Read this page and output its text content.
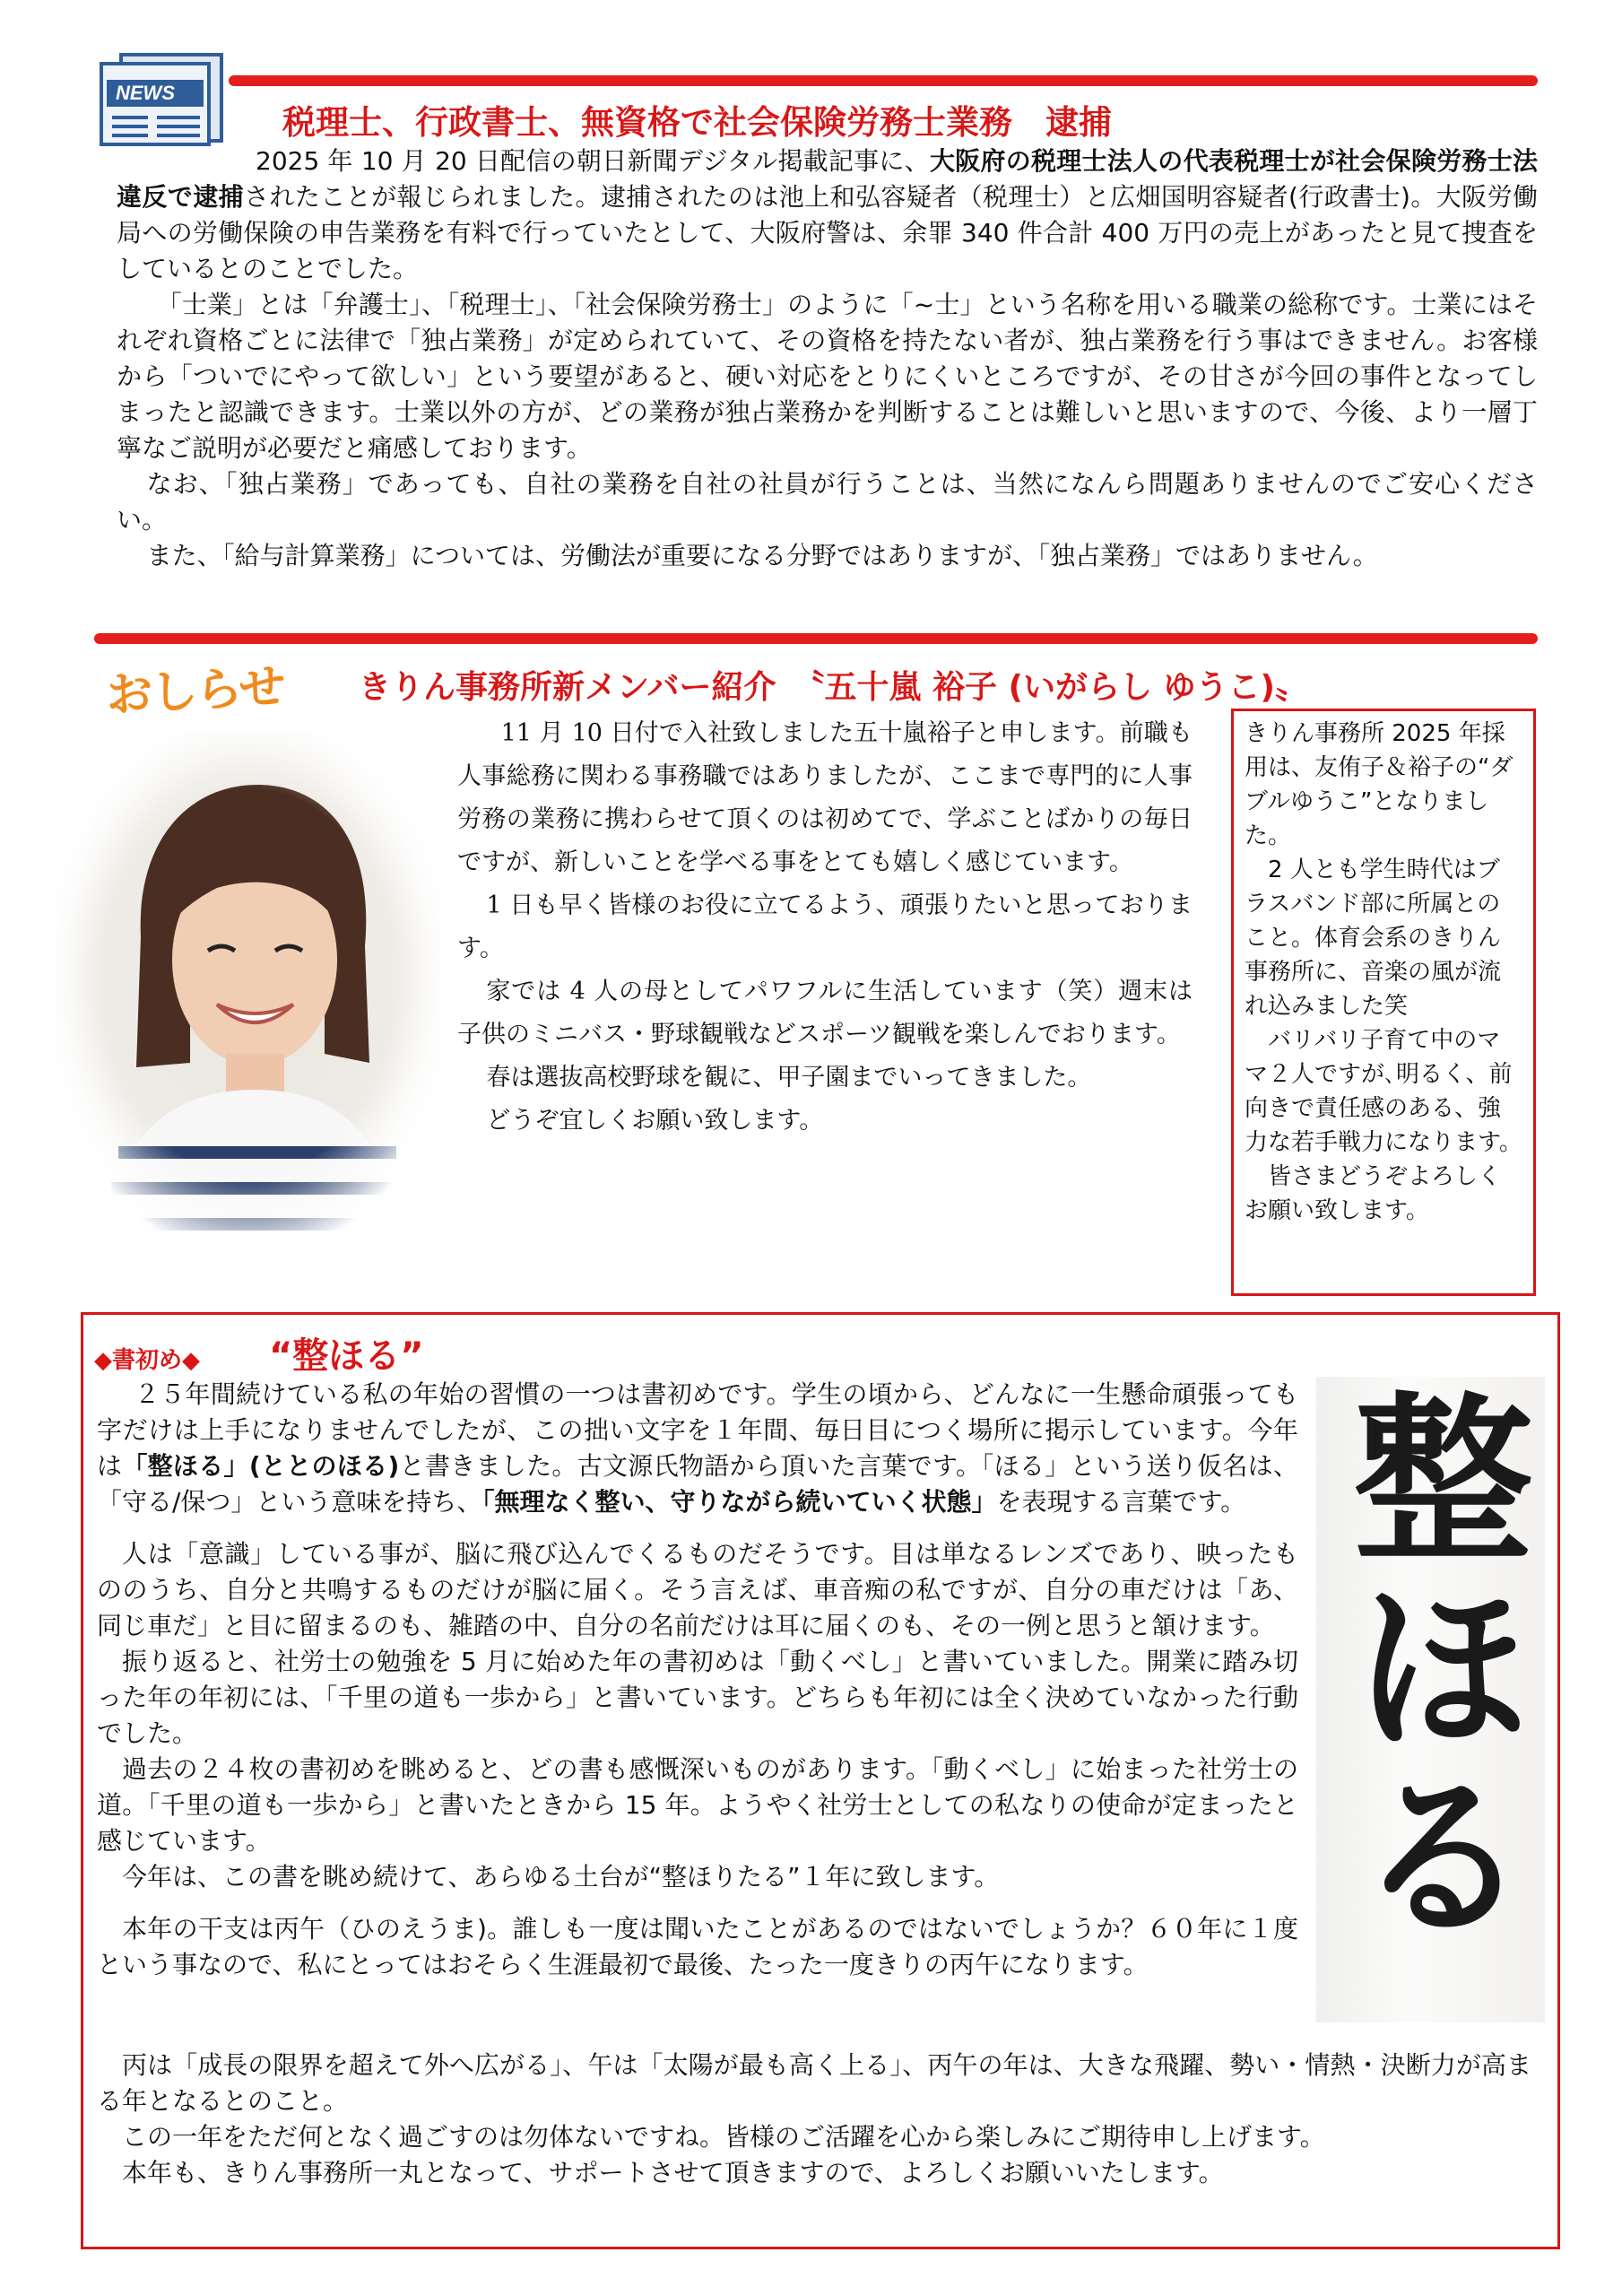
NEWS
税理士、行政書士、無資格で社会保険労務士業務　逮捕

2025 年 10 月 20 日配信の朝日新聞デジタル掲載記事に、大阪府の税理士法人の代表税理士が社会保険労務士法違反で逮捕されたことが報じられました。逮捕されたのは池上和弘容疑者（税理士）と広畑国明容疑者(行政書士)。大阪労働局への労働保険の申告業務を有料で行っていたとして、大阪府警は、余罪 340 件合計 400 万円の売上があったと見て捜査をしているとのことでした。

「士業」とは「弁護士」、「税理士」、「社会保険労務士」のように「~士」という名称を用いる職業の総称です。士業にはそれぞれ資格ごとに法律で「独占業務」が定められていて、その資格を持たない者が、独占業務を行う事はできません。お客様から「ついでにやって欲しい」という要望があると、硬い対応をとりにくいところですが、その甘さが今回の事件となってしまったと認識できます。士業以外の方が、どの業務が独占業務かを判断することは難しいと思いますので、今後、より一層丁寧なご説明が必要だと痛感しております。

なお、「独占業務」であっても、自社の業務を自社の社員が行うことは、当然になんら問題ありませんのでご安心ください。

また、「給与計算業務」については、労働法が重要になる分野ではありますが、「独占業務」ではありません。

おしらせ きりん事務所新メンバー紹介　〝五十嵐 裕子 (いがらし ゆうこ)〟

11 月 10 日付で入社致しました五十嵐裕子と申します。前職も人事総務に関わる事務職ではありましたが、ここまで専門的に人事労務の業務に携わらせて頂くのは初めてで、学ぶことばかりの毎日ですが、新しいことを学べる事をとても嬉しく感じています。

1 日も早く皆様のお役に立てるよう、頑張りたいと思っております。

家では 4 人の母としてパワフルに生活しています（笑）週末は子供のミニバス・野球観戦などスポーツ観戦を楽しんでおります。

春は選抜高校野球を観に、甲子園までいってきました。

どうぞ宜しくお願い致します。

きりん事務所 2025 年採用は、友侑子＆裕子の“ダブルゆうこ”となりました。

2 人とも学生時代はブラスバンド部に所属とのこと。体育会系のきりん事務所に、音楽の風が流れ込みました笑

バリバリ子育て中のママ２人ですが､明るく、前向きで責任感のある、強力な若手戦力になります。

皆さまどうぞよろしくお願い致します。

◆書初め◆ “整ほる”
整ほる

２５年間続けている私の年始の習慣の一つは書初めです。学生の頃から、どんなに一生懸命頑張っても字だけは上手になりませんでしたが、この拙い文字を１年間、毎日目につく場所に掲示しています。今年は「整ほる」(ととのほる)と書きました。古文源氏物語から頂いた言葉です。「ほる」という送り仮名は、「守る/保つ」という意味を持ち、「無理なく整い、守りながら続いていく状態」を表現する言葉です。

人は「意識」している事が、脳に飛び込んでくるものだそうです。目は単なるレンズであり、映ったもののうち、自分と共鳴するものだけが脳に届く。そう言えば、車音痴の私ですが、自分の車だけは「あ、同じ車だ」と目に留まるのも、雑踏の中、自分の名前だけは耳に届くのも、その一例と思うと頷けます。

振り返ると、社労士の勉強を 5 月に始めた年の書初めは「動くべし」と書いていました。開業に踏み切った年の年初には、「千里の道も一歩から」と書いています。どちらも年初には全く決めていなかった行動でした。

過去の２４枚の書初めを眺めると、どの書も感慨深いものがあります。「動くベし」に始まった社労士の道。「千里の道も一歩から」と書いたときから 15 年。ようやく社労士としての私なりの使命が定まったと感じています。

今年は、この書を眺め続けて、あらゆる土台が“整ほりたる”１年に致します。

本年の干支は丙午（ひのえうま)。誰しも一度は聞いたことがあるのではないでしょうか？６０年に１度という事なので、私にとってはおそらく生涯最初で最後、たった一度きりの丙午になります。

丙は「成長の限界を超えて外へ広がる」、午は「太陽が最も高く上る」、丙午の年は、大きな飛躍、勢い・情熱・決断力が高まる年となるとのこと。

この一年をただ何となく過ごすのは勿体ないですね。皆様のご活躍を心から楽しみにご期待申し上げます。

本年も、きりん事務所一丸となって、サポートさせて頂きますので、よろしくお願いいたします。
